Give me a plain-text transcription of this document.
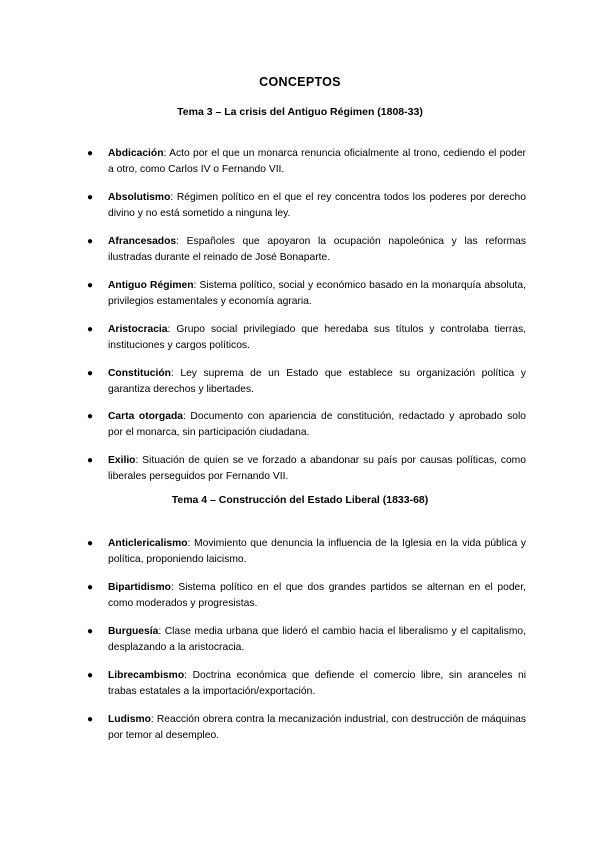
CONCEPTOS
Tema 3 – La crisis del Antiguo Régimen (1808-33)
● Abdicación: Acto por el que un monarca renuncia oficialmente al trono, cediendo el poder a otro, como Carlos IV o Fernando VII.
● Absolutismo: Régimen político en el que el rey concentra todos los poderes por derecho divino y no está sometido a ninguna ley.
● Afrancesados: Españoles que apoyaron la ocupación napoleónica y las reformas ilustradas durante el reinado de José Bonaparte.
● Antiguo Régimen: Sistema político, social y económico basado en la monarquía absoluta, privilegios estamentales y economía agraria.
● Aristocracia: Grupo social privilegiado que heredaba sus títulos y controlaba tierras, instituciones y cargos políticos.
● Constitución: Ley suprema de un Estado que establece su organización política y garantiza derechos y libertades.
● Carta otorgada: Documento con apariencia de constitución, redactado y aprobado solo por el monarca, sin participación ciudadana.
● Exilio: Situación de quien se ve forzado a abandonar su país por causas políticas, como liberales perseguidos por Fernando VII.
Tema 4 – Construcción del Estado Liberal (1833-68)
● Anticlericalismo: Movimiento que denuncia la influencia de la Iglesia en la vida pública y política, proponiendo laicismo.
● Bipartidismo: Sistema político en el que dos grandes partidos se alternan en el poder, como moderados y progresistas.
● Burguesía: Clase media urbana que lideró el cambio hacia el liberalismo y el capitalismo, desplazando a la aristocracia.
● Librecambismo: Doctrina económica que defiende el comercio libre, sin aranceles ni trabas estatales a la importación/exportación.
● Ludismo: Reacción obrera contra la mecanización industrial, con destrucción de máquinas por temor al desempleo.
